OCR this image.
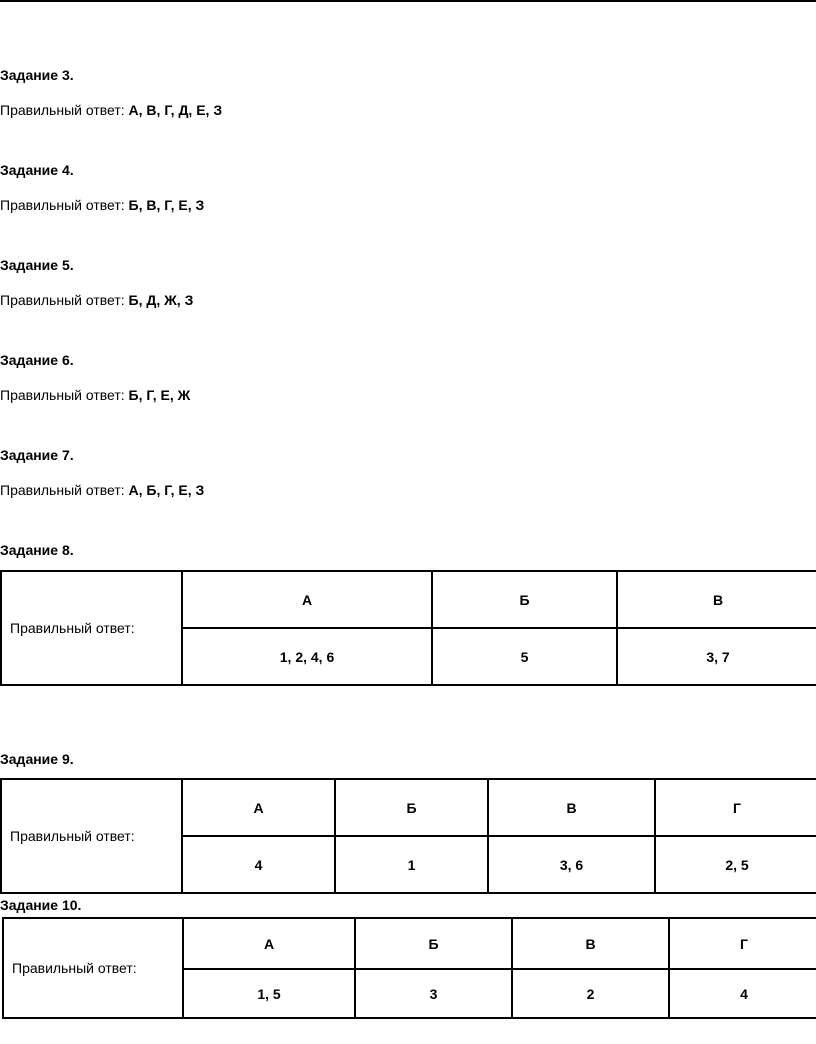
Задание 3.
Правильный ответ: А, В, Г, Д, Е, З
Задание 4.
Правильный ответ: Б, В, Г, Е, З
Задание 5.
Правильный ответ: Б, Д, Ж, З
Задание 6.
Правильный ответ: Б, Г, Е, Ж
Задание 7.
Правильный ответ: А, Б, Г, Е, З
Задание 8.
Правильный ответ:	А	Б	В
	1, 2, 4, 6	5	3, 7
Задание 9.
Правильный ответ:	А	Б	В	Г
	4	1	3, 6	2, 5
Задание 10.
Правильный ответ:	А	Б	В	Г
	1, 5	3	2	4
